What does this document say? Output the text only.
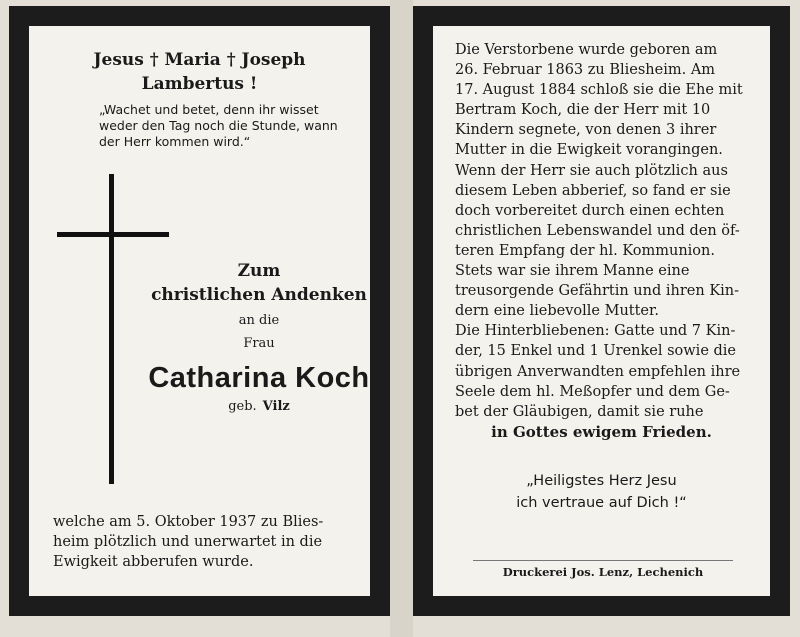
Jesus † Maria † Joseph
Lambertus !
„Wachet und betet, denn ihr wisset
weder den Tag noch die Stunde, wann
der Herr kommen wird.“
Zum
christlichen Andenken
an die
Frau
Catharina Koch
geb. Vilz
welche am 5. Oktober 1937 zu Blies-
heim plötzlich und unerwartet in die
Ewigkeit abberufen wurde.
Die Verstorbene wurde geboren am
26. Februar 1863 zu Bliesheim. Am
17. August 1884 schloß sie die Ehe mit
Bertram Koch, die der Herr mit 10
Kindern segnete, von denen 3 ihrer
Mutter in die Ewigkeit vorangingen.
Wenn der Herr sie auch plötzlich aus
diesem Leben abberief, so fand er sie
doch vorbereitet durch einen echten
christlichen Lebenswandel und den öf-
teren Empfang der hl. Kommunion.
Stets war sie ihrem Manne eine
treusorgende Gefährtin und ihren Kin-
dern eine liebevolle Mutter.
Die Hinterbliebenen: Gatte und 7 Kin-
der, 15 Enkel und 1 Urenkel sowie die
übrigen Anverwandten empfehlen ihre
Seele dem hl. Meßopfer und dem Ge-
bet der Gläubigen, damit sie ruhe
in Gottes ewigem Frieden.
„Heiligstes Herz Jesu
ich vertraue auf Dich !“
Druckerei Jos. Lenz, Lechenich
